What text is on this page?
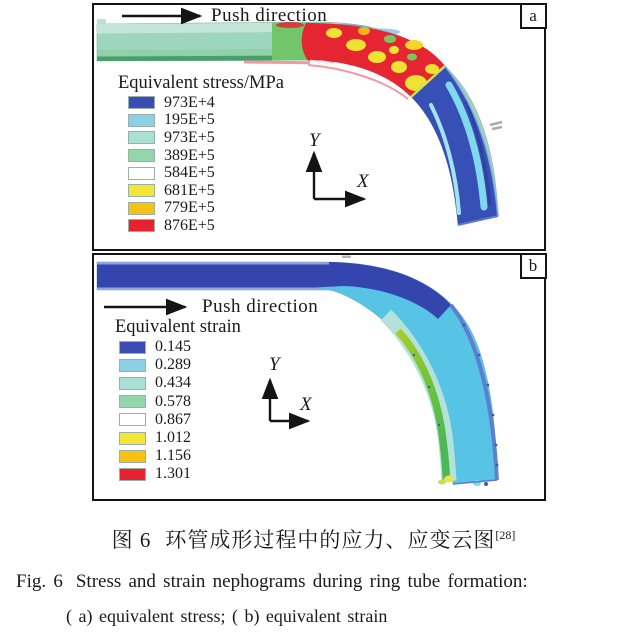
Push direction
Equivalent stress/MPa
973E+4
195E+5
973E+5
389E+5
584E+5
681E+5
779E+5
876E+5
Y
X
a
Push direction
Equivalent strain
0.145
0.289
0.434
0.578
0.867
1.012
1.156
1.301
Y
X
b
图 6 环管成形过程中的应力、应变云图[28]
Fig. 6 Stress and strain nephograms during ring tube formation:
( a) equivalent stress; ( b) equivalent strain
